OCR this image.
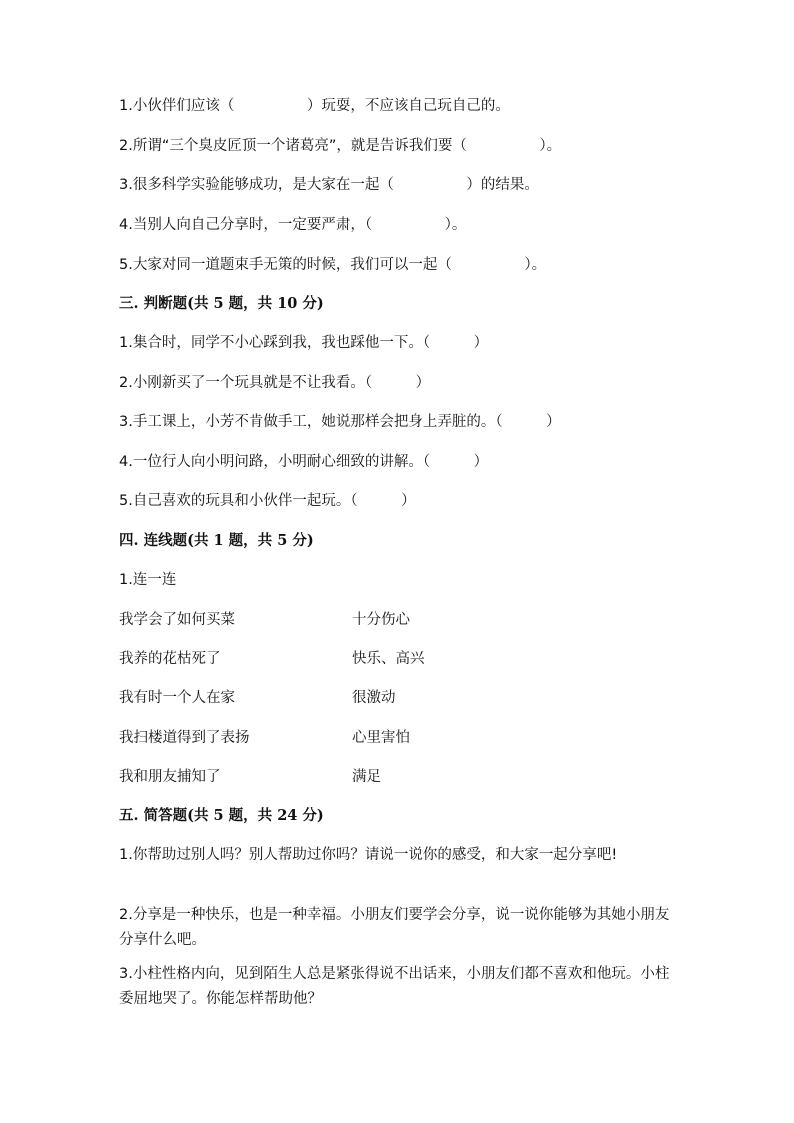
1.小伙伴们应该（　　　　　）玩耍，不应该自己玩自己的。
2.所谓“三个臭皮匠顶一个诸葛亮”，就是告诉我们要（　　　　　）。
3.很多科学实验能够成功，是大家在一起（　　　　　）的结果。
4.当别人向自己分享时，一定要严肃，（　　　　　）。
5.大家对同一道题束手无策的时候，我们可以一起（　　　　　）。
三. 判断题(共 5 题，共 10 分)
1.集合时，同学不小心踩到我，我也踩他一下。（　　　）
2.小刚新买了一个玩具就是不让我看。（　　　）
3.手工课上，小芳不肯做手工，她说那样会把身上弄脏的。（　　　）
4.一位行人向小明问路，小明耐心细致的讲解。（　　　）
5.自己喜欢的玩具和小伙伴一起玩。（　　　）
四. 连线题(共 1 题，共 5 分)
1.连一连
我学会了如何买菜	十分伤心
我养的花枯死了	快乐、高兴
我有时一个人在家	很激动
我扫楼道得到了表扬	心里害怕
我和朋友捕知了	满足
五. 简答题(共 5 题，共 24 分)
1.你帮助过别人吗？别人帮助过你吗？请说一说你的感受，和大家一起分享吧!
2.分享是一种快乐，也是一种幸福。小朋友们要学会分享，说一说你能够为其她小朋友分享什么吧。
3.小柱性格内向，见到陌生人总是紧张得说不出话来，小朋友们都不喜欢和他玩。小柱委屈地哭了。你能怎样帮助他？
